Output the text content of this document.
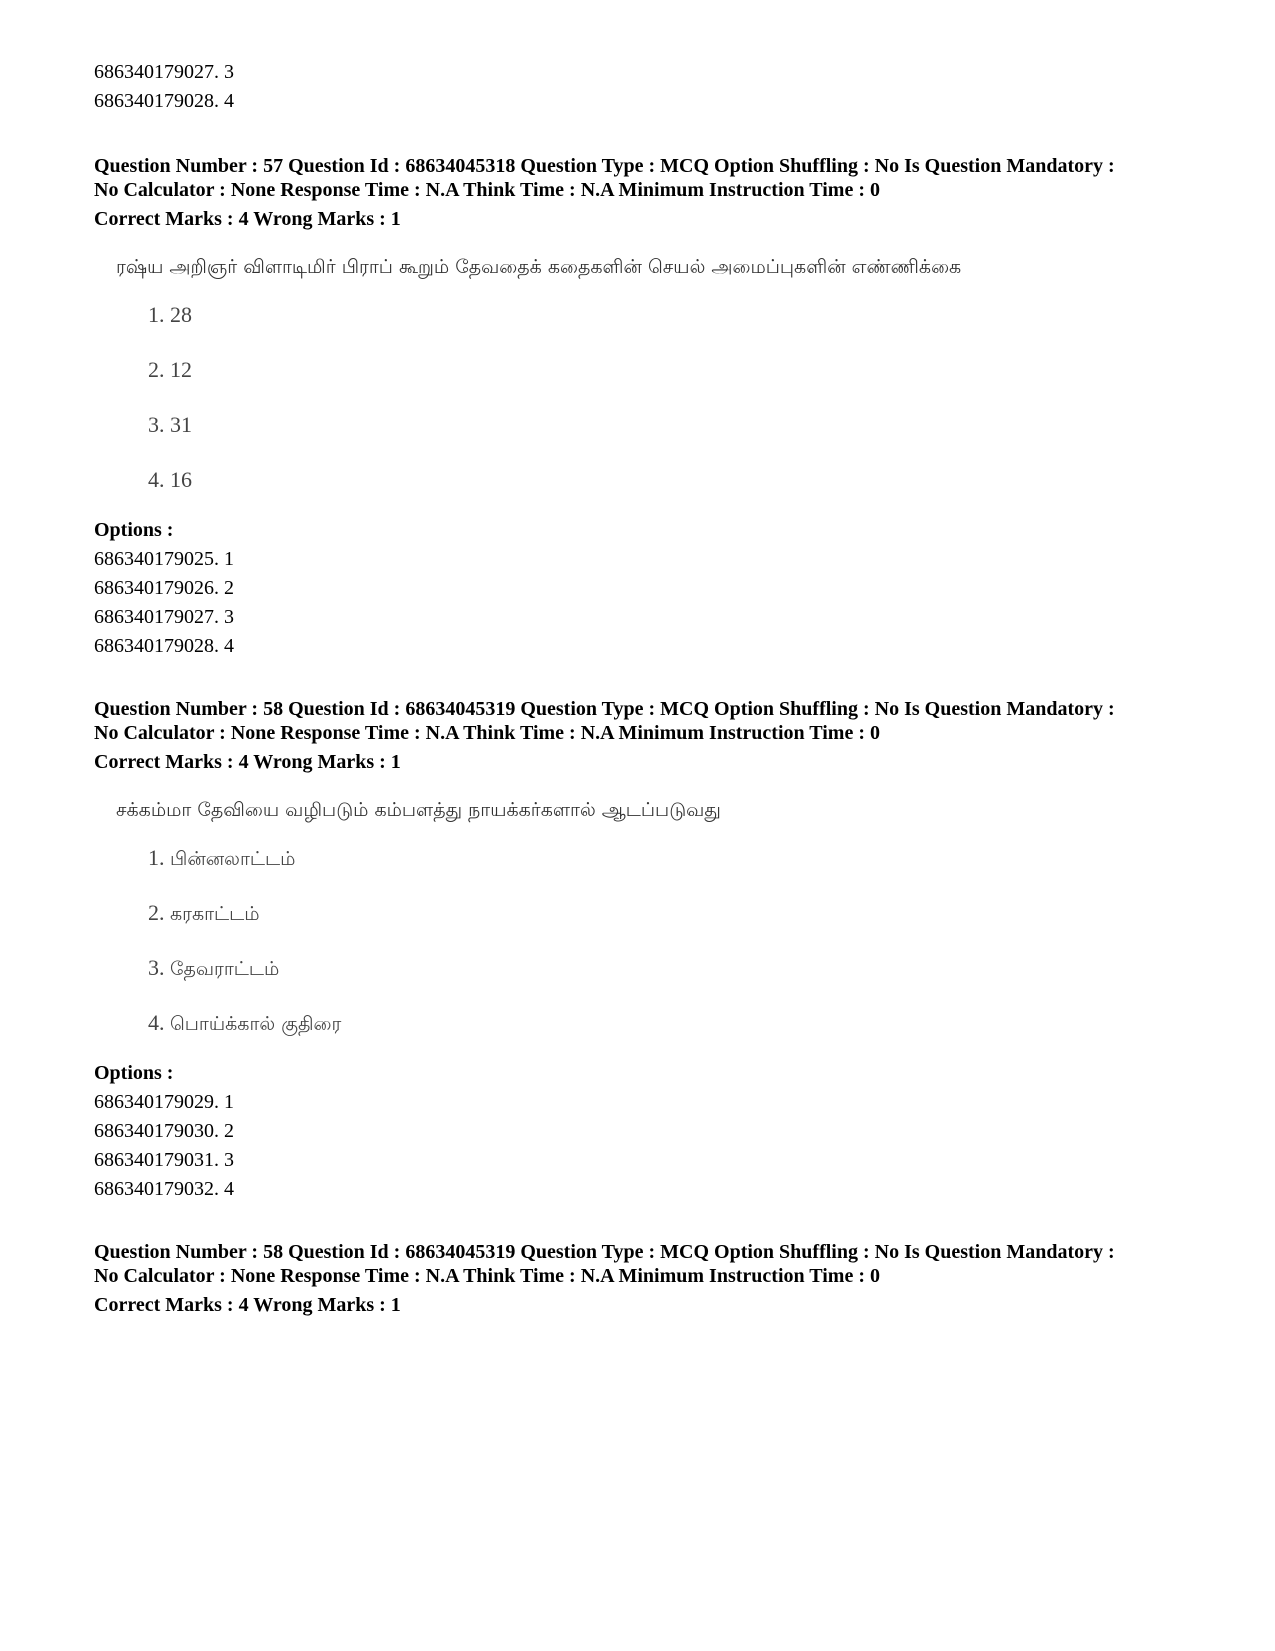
686340179027. 3
686340179028. 4
Question Number : 57 Question Id : 68634045318 Question Type : MCQ Option Shuffling : No Is Question Mandatory :
No Calculator : None Response Time : N.A Think Time : N.A Minimum Instruction Time : 0
Correct Marks : 4 Wrong Marks : 1
ரஷ்ய அறிஞர் விளாடிமிர் பிராப் கூறும் தேவதைக் கதைகளின் செயல் அமைப்புகளின் எண்ணிக்கை
1. 28
2. 12
3. 31
4. 16
Options :
686340179025. 1
686340179026. 2
686340179027. 3
686340179028. 4
Question Number : 58 Question Id : 68634045319 Question Type : MCQ Option Shuffling : No Is Question Mandatory :
No Calculator : None Response Time : N.A Think Time : N.A Minimum Instruction Time : 0
Correct Marks : 4 Wrong Marks : 1
சக்கம்மா தேவியை வழிபடும் கம்பளத்து நாயக்கர்களால் ஆடப்படுவது
1. பின்னலாட்டம்
2. கரகாட்டம்
3. தேவராட்டம்
4. பொய்க்கால் குதிரை
Options :
686340179029. 1
686340179030. 2
686340179031. 3
686340179032. 4
Question Number : 58 Question Id : 68634045319 Question Type : MCQ Option Shuffling : No Is Question Mandatory :
No Calculator : None Response Time : N.A Think Time : N.A Minimum Instruction Time : 0
Correct Marks : 4 Wrong Marks : 1
